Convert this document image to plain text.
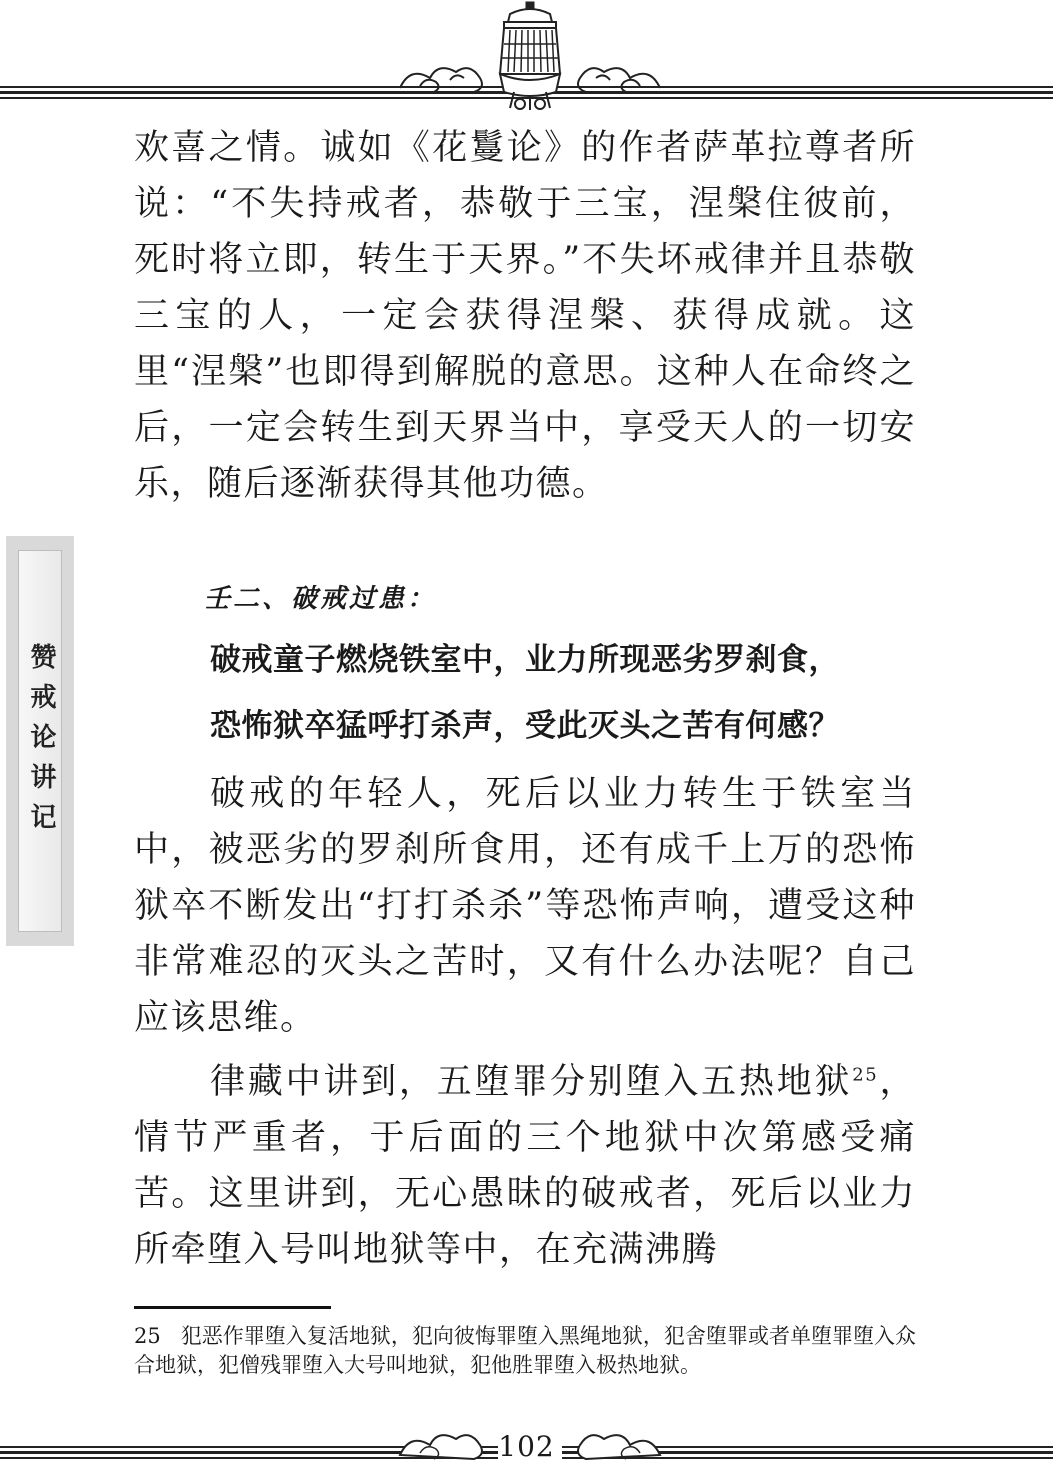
赞戒论讲记

欢喜之情。诚如《花鬘论》的作者萨革拉尊者所说：“不失持戒者，恭敬于三宝，涅槃住彼前，死时将立即，转生于天界。”不失坏戒律并且恭敬三宝的人，一定会获得涅槃、获得成就。这里“涅槃”也即得到解脱的意思。这种人在命终之后，一定会转生到天界当中，享受天人的一切安乐，随后逐渐获得其他功德。

壬二、破戒过患：

破戒童子燃烧铁室中，业力所现恶劣罗刹食，

恐怖狱卒猛呼打杀声，受此灭头之苦有何感？

破戒的年轻人，死后以业力转生于铁室当中，被恶劣的罗刹所食用，还有成千上万的恐怖狱卒不断发出“打打杀杀”等恐怖声响，遭受这种非常难忍的灭头之苦时，又有什么办法呢？自己应该思维。

律藏中讲到，五堕罪分别堕入五热地狱$^{25}$，情节严重者，于后面的三个地狱中次第感受痛苦。这里讲到，无心愚昧的破戒者，死后以业力所牵堕入号叫地狱等中，在充满沸腾

25 犯恶作罪堕入复活地狱，犯向彼悔罪堕入黑绳地狱，犯舍堕罪或者单堕罪堕入众合地狱，犯僧残罪堕入大号叫地狱，犯他胜罪堕入极热地狱。

102
